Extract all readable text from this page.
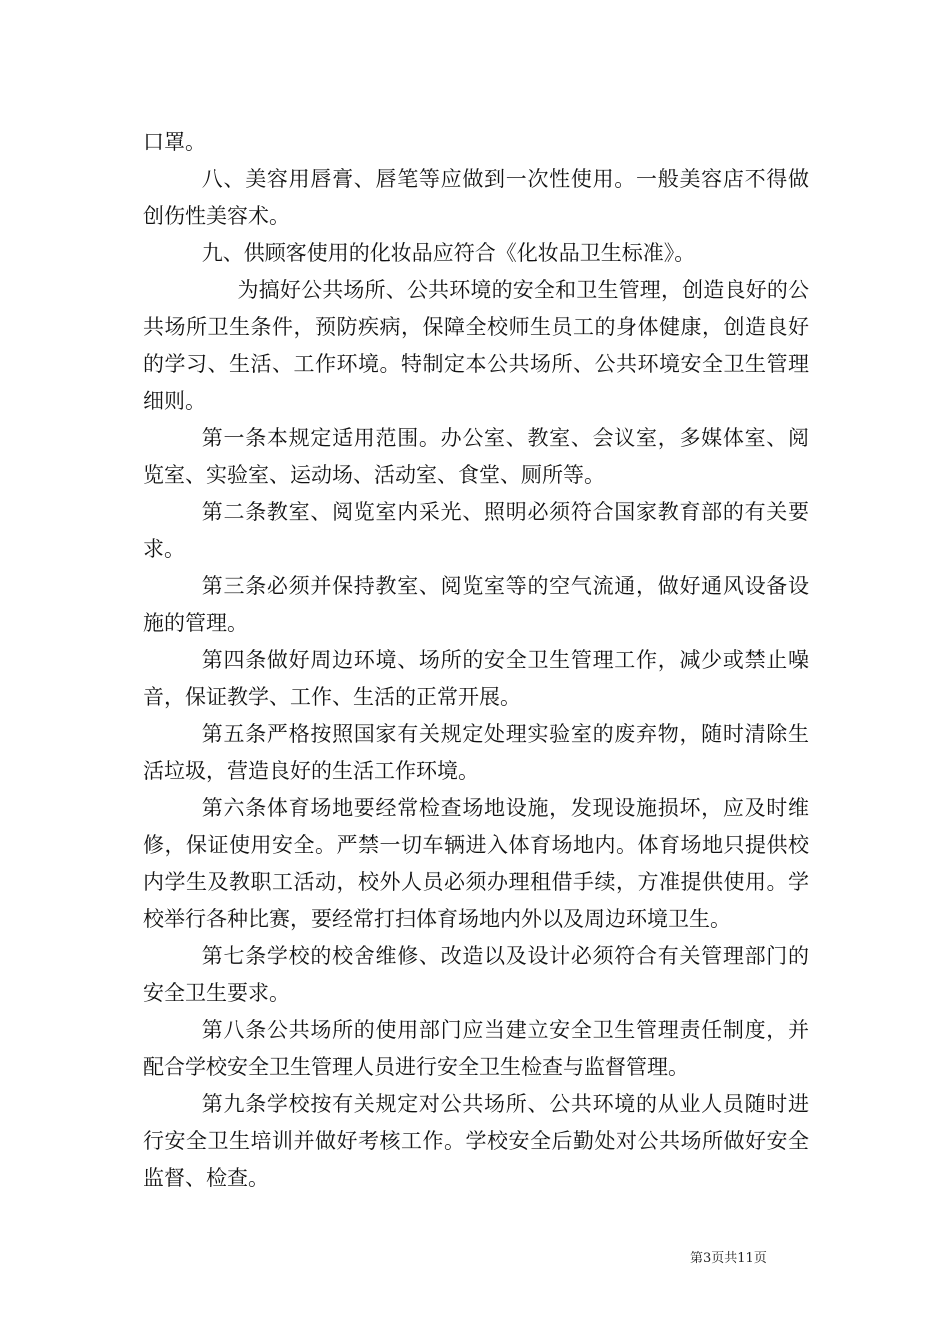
口罩。

八、美容用唇膏、唇笔等应做到一次性使用。一般美容店不得做创伤性美容术。

九、供顾客使用的化妆品应符合《化妆品卫生标准》。

为搞好公共场所、公共环境的安全和卫生管理，创造良好的公共场所卫生条件，预防疾病，保障全校师生员工的身体健康，创造良好的学习、生活、工作环境。特制定本公共场所、公共环境安全卫生管理细则。

第一条本规定适用范围。办公室、教室、会议室，多媒体室、阅览室、实验室、运动场、活动室、食堂、厕所等。

第二条教室、阅览室内采光、照明必须符合国家教育部的有关要求。

第三条必须并保持教室、阅览室等的空气流通，做好通风设备设施的管理。

第四条做好周边环境、场所的安全卫生管理工作，减少或禁止噪音，保证教学、工作、生活的正常开展。

第五条严格按照国家有关规定处理实验室的废弃物，随时清除生活垃圾，营造良好的生活工作环境。

第六条体育场地要经常检查场地设施，发现设施损坏，应及时维修，保证使用安全。严禁一切车辆进入体育场地内。体育场地只提供校内学生及教职工活动，校外人员必须办理租借手续，方准提供使用。学校举行各种比赛，要经常打扫体育场地内外以及周边环境卫生。

第七条学校的校舍维修、改造以及设计必须符合有关管理部门的安全卫生要求。

第八条公共场所的使用部门应当建立安全卫生管理责任制度，并配合学校安全卫生管理人员进行安全卫生检查与监督管理。

第九条学校按有关规定对公共场所、公共环境的从业人员随时进行安全卫生培训并做好考核工作。学校安全后勤处对公共场所做好安全监督、检查。

第3页共11页
